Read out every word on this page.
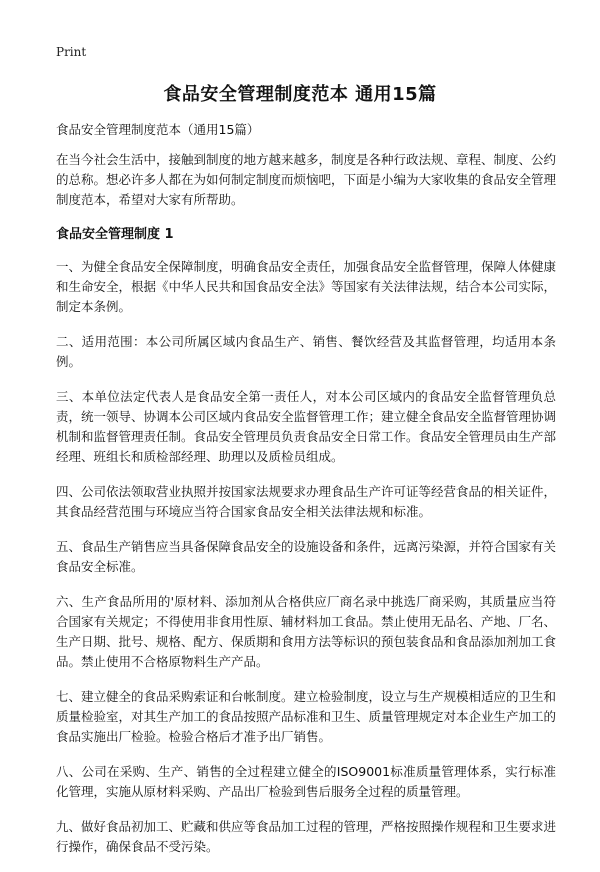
Print
食品安全管理制度范本 通用15篇
食品安全管理制度范本（通用15篇）

在当今社会生活中，接触到制度的地方越来越多，制度是各种行政法规、章程、制度、公约的总称。想必许多人都在为如何制定制度而烦恼吧，下面是小编为大家收集的食品安全管理制度范本，希望对大家有所帮助。

食品安全管理制度 1

一、为健全食品安全保障制度，明确食品安全责任，加强食品安全监督管理，保障人体健康和生命安全，根据《中华人民共和国食品安全法》等国家有关法律法规，结合本公司实际，制定本条例。

二、适用范围：本公司所属区域内食品生产、销售、餐饮经营及其监督管理，均适用本条例。

三、本单位法定代表人是食品安全第一责任人，对本公司区域内的食品安全监督管理负总责，统一领导、协调本公司区域内食品安全监督管理工作；建立健全食品安全监督管理协调机制和监督管理责任制。食品安全管理员负责食品安全日常工作。食品安全管理员由生产部经理、班组长和质检部经理、助理以及质检员组成。

四、公司依法领取营业执照并按国家法规要求办理食品生产许可证等经营食品的相关证件，其食品经营范围与环境应当符合国家食品安全相关法律法规和标准。

五、食品生产销售应当具备保障食品安全的设施设备和条件，远离污染源，并符合国家有关食品安全标准。

六、生产食品所用的'原材料、添加剂从合格供应厂商名录中挑选厂商采购，其质量应当符合国家有关规定；不得使用非食用性原、辅材料加工食品。禁止使用无品名、产地、厂名、生产日期、批号、规格、配方、保质期和食用方法等标识的预包装食品和食品添加剂加工食品。禁止使用不合格原物料生产产品。

七、建立健全的食品采购索证和台帐制度。建立检验制度，设立与生产规模相适应的卫生和质量检验室，对其生产加工的食品按照产品标准和卫生、质量管理规定对本企业生产加工的食品实施出厂检验。检验合格后才准予出厂销售。

八、公司在采购、生产、销售的全过程建立健全的ISO9001标准质量管理体系，实行标准化管理，实施从原材料采购、产品出厂检验到售后服务全过程的质量管理。

九、做好食品初加工、贮藏和供应等食品加工过程的管理，严格按照操作规程和卫生要求进行操作，确保食品不受污染。
